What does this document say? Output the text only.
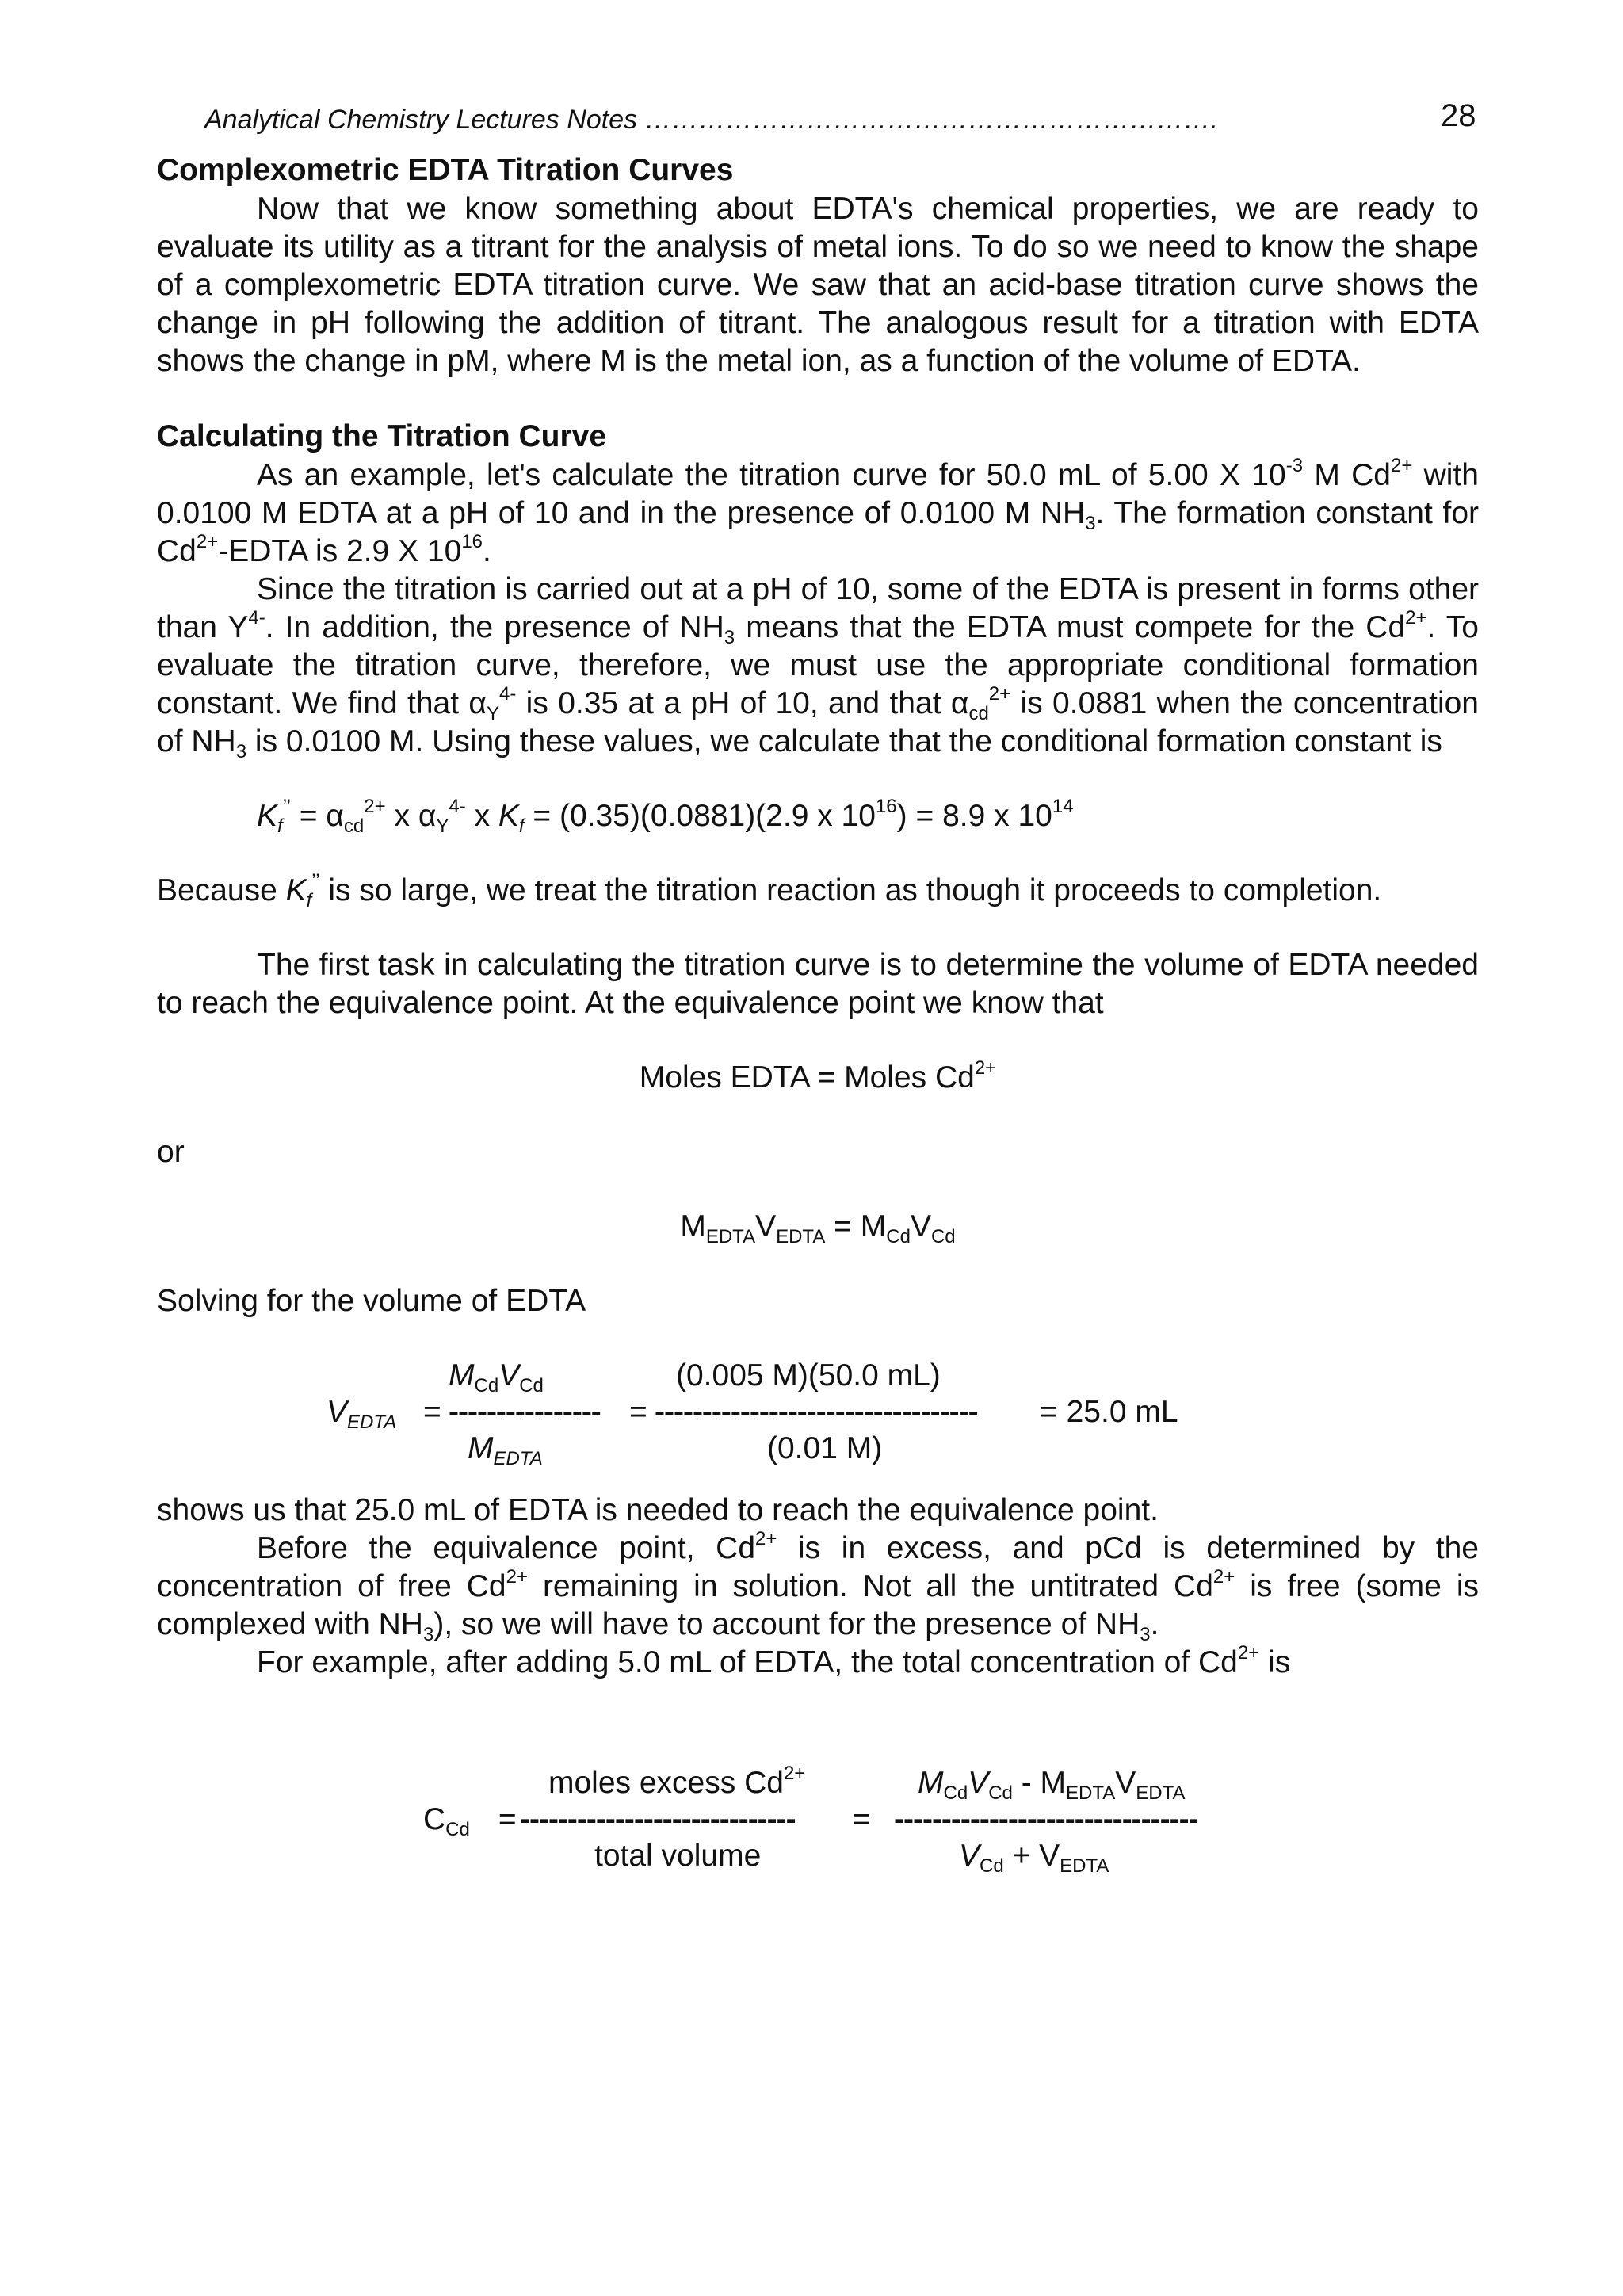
Analytical Chemistry Lectures Notes ……………………………………………………….	28
Complexometric EDTA Titration Curves

Now that we know something about EDTA's chemical properties, we are ready to evaluate its utility as a titrant for the analysis of metal ions. To do so we need to know the shape of a complexometric EDTA titration curve. We saw that an acid-base titration curve shows the change in pH following the addition of titrant. The analogous result for a titration with EDTA shows the change in pM, where M is the metal ion, as a function of the volume of EDTA.

Calculating the Titration Curve

As an example, let's calculate the titration curve for 50.0 mL of 5.00 X $10^{-3}$ M $Cd^{2+}$ with 0.0100 M EDTA at a pH of 10 and in the presence of 0.0100 M $NH_3$. The formation constant for $Cd^{2+}$-EDTA is 2.9 X $10^{16}$.

Since the titration is carried out at a pH of 10, some of the EDTA is present in forms other than $Y^{4-}$. In addition, the presence of $NH_3$ means that the EDTA must compete for the $Cd^{2+}$. To evaluate the titration curve, therefore, we must use the appropriate conditional formation constant. We find that $\alpha_Y^{4-}$ is 0.35 at a pH of 10, and that $\alpha_{cd}^{2+}$ is 0.0881 when the concentration of $NH_3$ is 0.0100 M. Using these values, we calculate that the conditional formation constant is

$K_f^{’’} = \alpha_{cd}^{2+}$ x $\alpha_Y^{4-}$ x $K_f = (0.35)(0.0881)(2.9$ x $10^{16}) = 8.9$ x $10^{14}$

Because $K_f^{’’}$ is so large, we treat the titration reaction as though it proceeds to completion.

The first task in calculating the titration curve is to determine the volume of EDTA needed to reach the equivalence point. At the equivalence point we know that

Moles EDTA = Moles $Cd^{2+}$

or

$M_{EDTA}V_{EDTA} = M_{Cd}V_{Cd}$

Solving for the volume of EDTA

$M_{Cd}V_{Cd}$	(0.005 M)(50.0 mL)
$V_{EDTA}$ = ---------------- = ---------------------------------- = 25.0 mL
$M_{EDTA}$	(0.01 M)

shows us that 25.0 mL of EDTA is needed to reach the equivalence point.

Before the equivalence point, $Cd^{2+}$ is in excess, and pCd is determined by the concentration of free $Cd^{2+}$ remaining in solution. Not all the untitrated $Cd^{2+}$ is free (some is complexed with $NH_3$), so we will have to account for the presence of $NH_3$.

For example, after adding 5.0 mL of EDTA, the total concentration of $Cd^{2+}$ is

moles excess $Cd^{2+}$	$M_{Cd}V_{Cd} - M_{EDTA}V_{EDTA}$
$C_{Cd}$ =
----------------------------- = --------------------------------
total volume	$V_{Cd} + V_{EDTA}$
